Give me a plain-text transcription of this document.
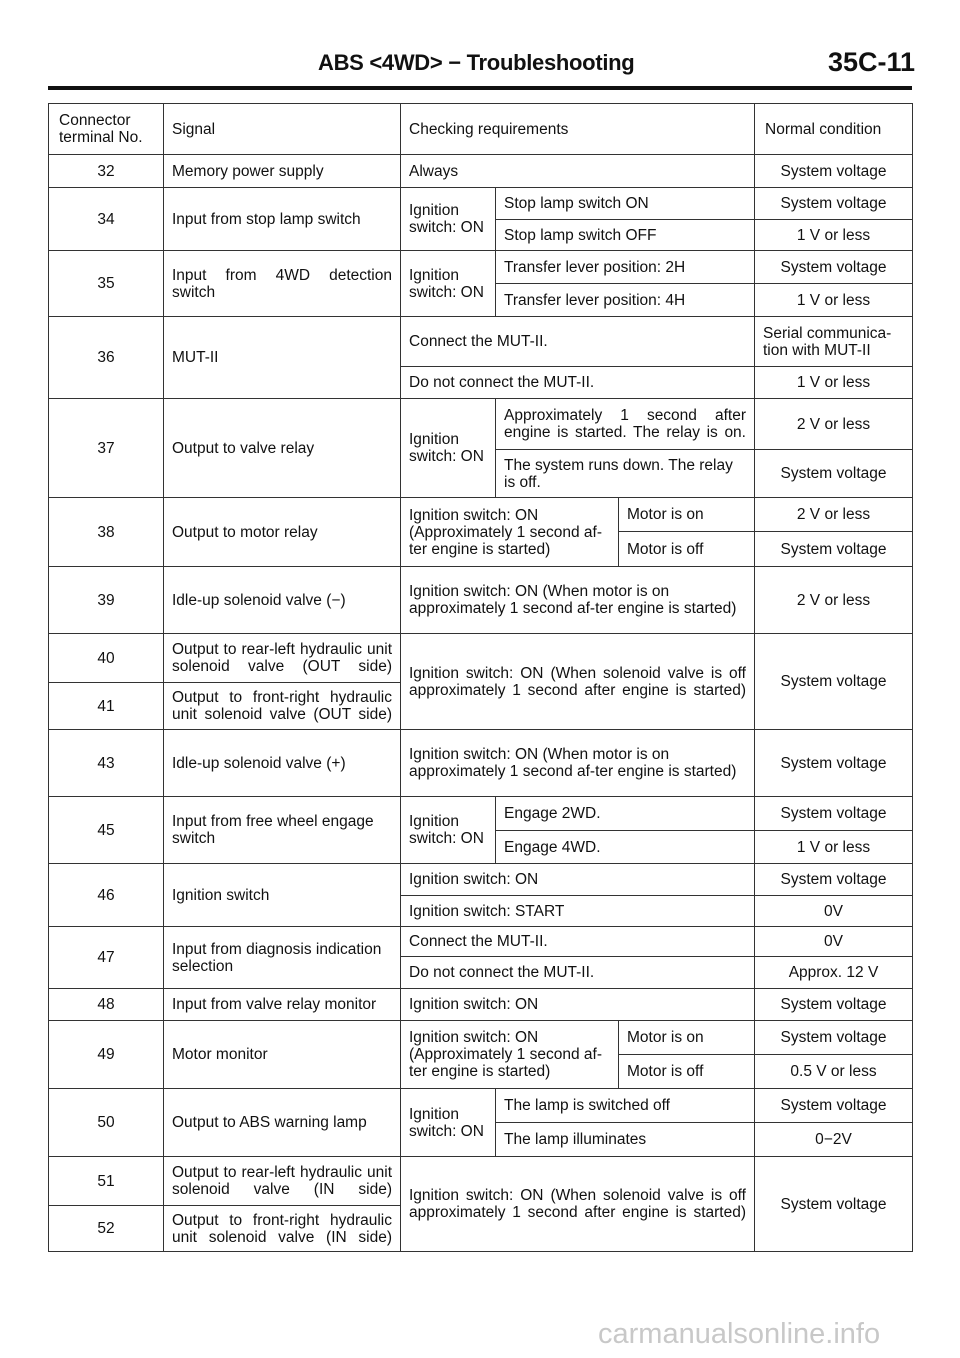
ABS <4WD> − Troubleshooting	35C-11
Connector terminal No.	Signal	Checking requirements			Normal condition
32	Memory power supply	Always			System voltage
34	Input from stop lamp switch	Ignition switch: ON	Stop lamp switch ON		System voltage
			Stop lamp switch OFF		1 V or less
35	Input from 4WD detection switch	Ignition switch: ON	Transfer lever position: 2H		System voltage
			Transfer lever position: 4H		1 V or less
36	MUT-II	Connect the MUT-II.			Serial communica-tion with MUT-II
		Do not connect the MUT-II.			1 V or less
37	Output to valve relay	Ignition switch: ON	Approximately 1 second after engine is started. The relay is on.		2 V or less
			The system runs down. The relay is off.		System voltage
38	Output to motor relay	Ignition switch: ON (Approximately 1 second af-ter engine is started)		Motor is on	2 V or less
				Motor is off	System voltage
39	Idle-up solenoid valve (−)	Ignition switch: ON (When motor is on approximately 1 second af-ter engine is started)			2 V or less
40	Output to rear-left hydraulic unit solenoid valve (OUT side)	Ignition switch: ON (When solenoid valve is off approximately 1 second after engine is started)			System voltage
41	Output to front-right hydraulic unit solenoid valve (OUT side)				
43	Idle-up solenoid valve (+)	Ignition switch: ON (When motor is on approximately 1 second af-ter engine is started)			System voltage
45	Input from free wheel engage switch	Ignition switch: ON	Engage 2WD.		System voltage
			Engage 4WD.		1 V or less
46	Ignition switch	Ignition switch: ON			System voltage
		Ignition switch: START			0V
47	Input from diagnosis indication selection	Connect the MUT-II.			0V
		Do not connect the MUT-II.			Approx. 12 V
48	Input from valve relay monitor	Ignition switch: ON			System voltage
49	Motor monitor	Ignition switch: ON (Approximately 1 second af-ter engine is started)		Motor is on	System voltage
				Motor is off	0.5 V or less
50	Output to ABS warning lamp	Ignition switch: ON	The lamp is switched off		System voltage
			The lamp illuminates		0−2V
51	Output to rear-left hydraulic unit solenoid valve (IN side)	Ignition switch: ON (When solenoid valve is off approximately 1 second after engine is started)			System voltage
52	Output to front-right hydraulic unit solenoid valve (IN side)				
carmanualsonline.info
